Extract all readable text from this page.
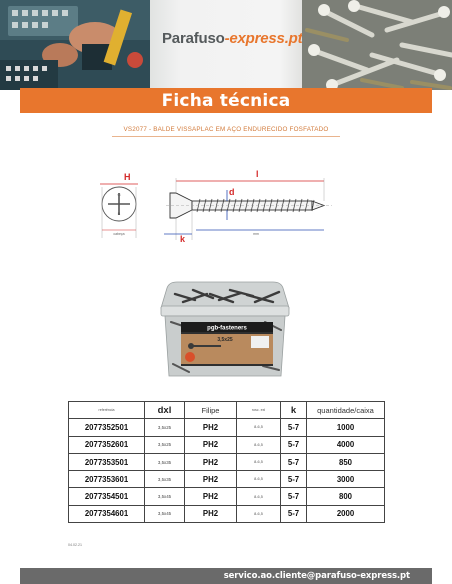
Parafuso-express.pt
Ficha técnica
VS2077 - BALDE VISSAPLAC EM AÇO ENDURECIDO FOSFATADO
G
B
H
cabeça
l
d
k	mm
pgb-fasteners
3,5x25
referência	dxl	Filipe	rosc. exl	k	quantidade/caixa
2077352501	3,5x25	PH2	8-6,5	5-7	1000
2077352601	3,5x25	PH2	8-6,5	5-7	4000
2077353501	3,5x35	PH2	8-6,5	5-7	850
2077353601	3,5x35	PH2	8-6,5	5-7	3000
2077354501	3,5x45	PH2	8-6,5	5-7	800
2077354601	3,5x45	PH2	8-6,5	5-7	2000
04.02.21
servico.ao.cliente@parafuso-express.pt
